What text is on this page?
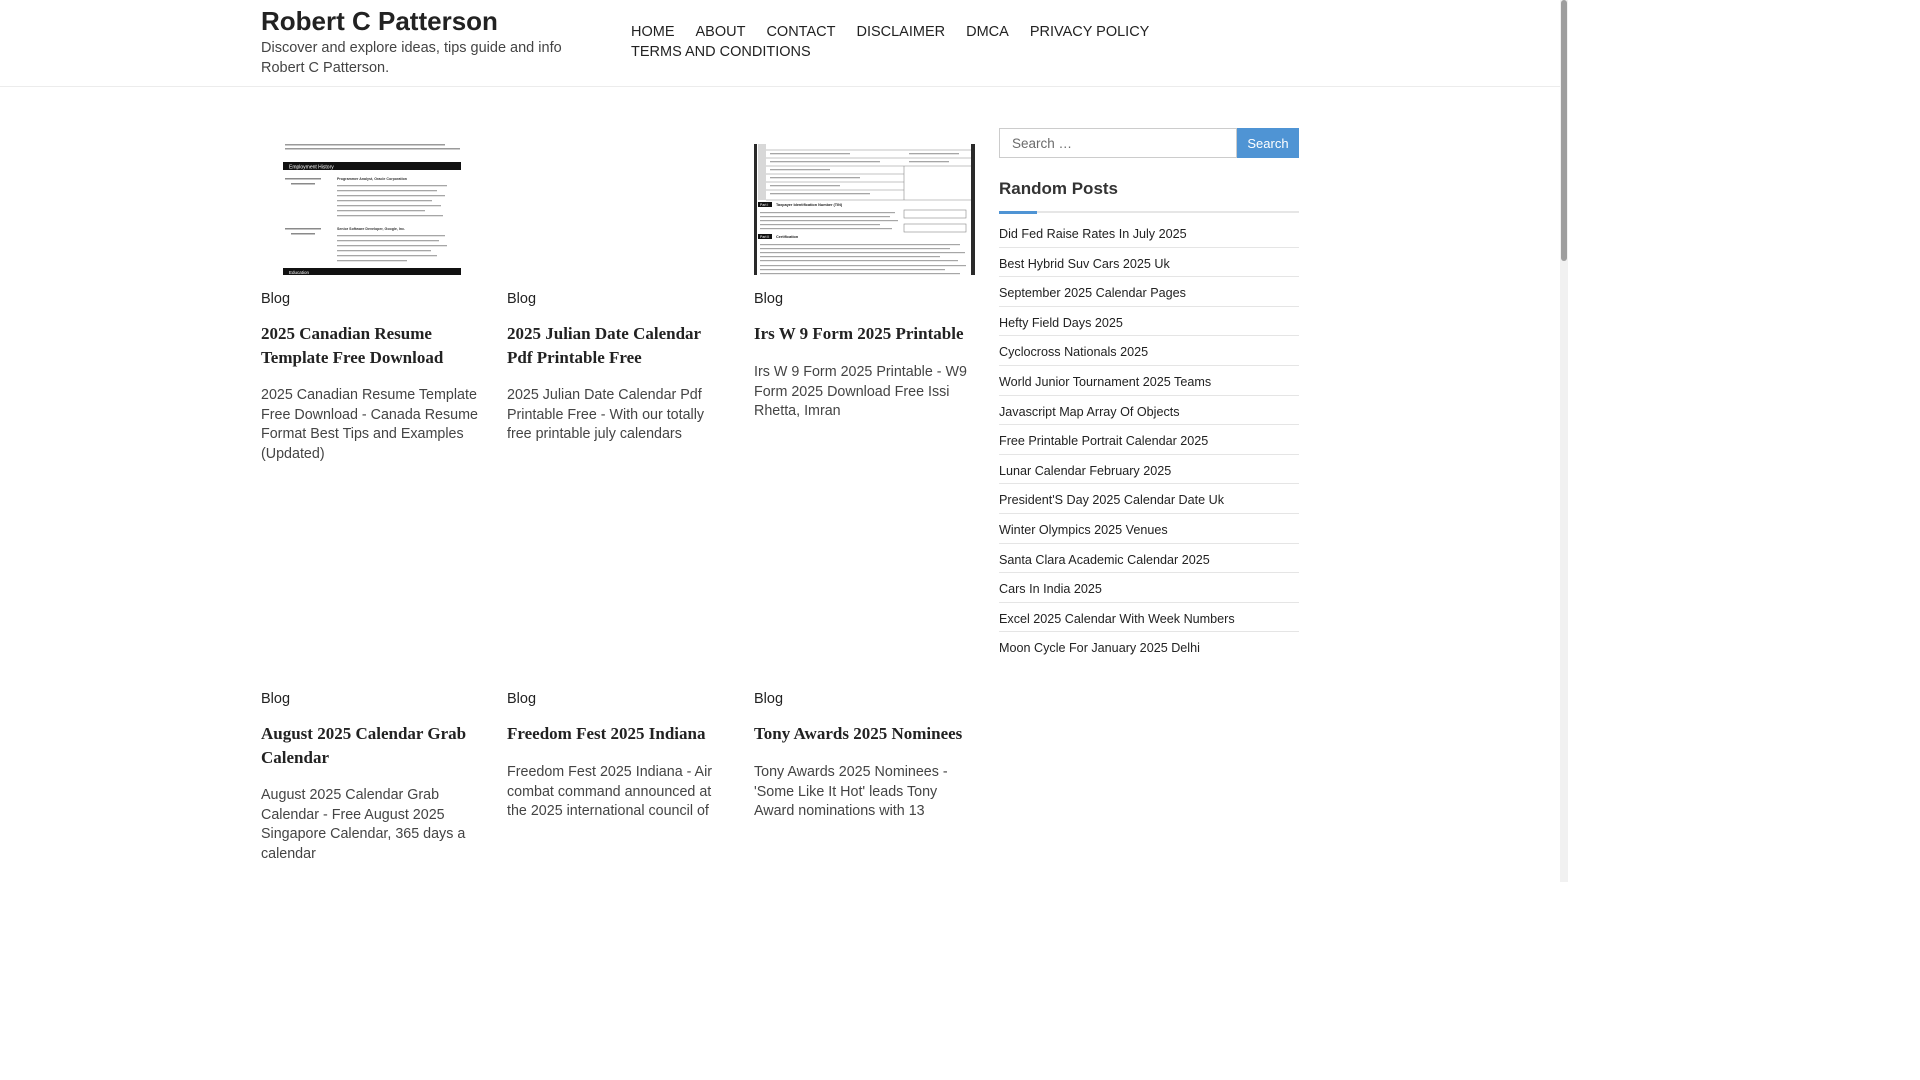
Robert C Patterson
Discover and explore ideas, tips guide and info Robert C Patterson.
HOME ABOUT CONTACT DISCLAIMER DMCA PRIVACY POLICY
TERMS AND CONDITIONS
Employment History
Programmer Analyst, Oracle Corporation
Senior Software Developer, Google, Inc.
Education
Blog
2025 Canadian Resume Template Free Download
2025 Canadian Resume Template Free Download - Canada Resume Format Best Tips and Examples (Updated)
Blog
2025 Julian Date Calendar Pdf Printable Free
2025 Julian Date Calendar Pdf Printable Free - With our totally free printable july calendars
Part I Taxpayer Identification Number (TIN)
Part II Certification
Blog
Irs W 9 Form 2025 Printable
Irs W 9 Form 2025 Printable - W9 Form 2025 Download Free Issi Rhetta, Imran
Blog
August 2025 Calendar Grab Calendar
August 2025 Calendar Grab Calendar - Free August 2025 Singapore Calendar, 365 days a calendar
Blog
Freedom Fest 2025 Indiana
Freedom Fest 2025 Indiana - Air combat command announced at the 2025 international council of
Blog
Tony Awards 2025 Nominees
Tony Awards 2025 Nominees - 'Some Like It Hot' leads Tony Award nominations with 13
Search …
Search
Random Posts
Did Fed Raise Rates In July 2025
Best Hybrid Suv Cars 2025 Uk
September 2025 Calendar Pages
Hefty Field Days 2025
Cyclocross Nationals 2025
World Junior Tournament 2025 Teams
Javascript Map Array Of Objects
Free Printable Portrait Calendar 2025
Lunar Calendar February 2025
President'S Day 2025 Calendar Date Uk
Winter Olympics 2025 Venues
Santa Clara Academic Calendar 2025
Cars In India 2025
Excel 2025 Calendar With Week Numbers
Moon Cycle For January 2025 Delhi
